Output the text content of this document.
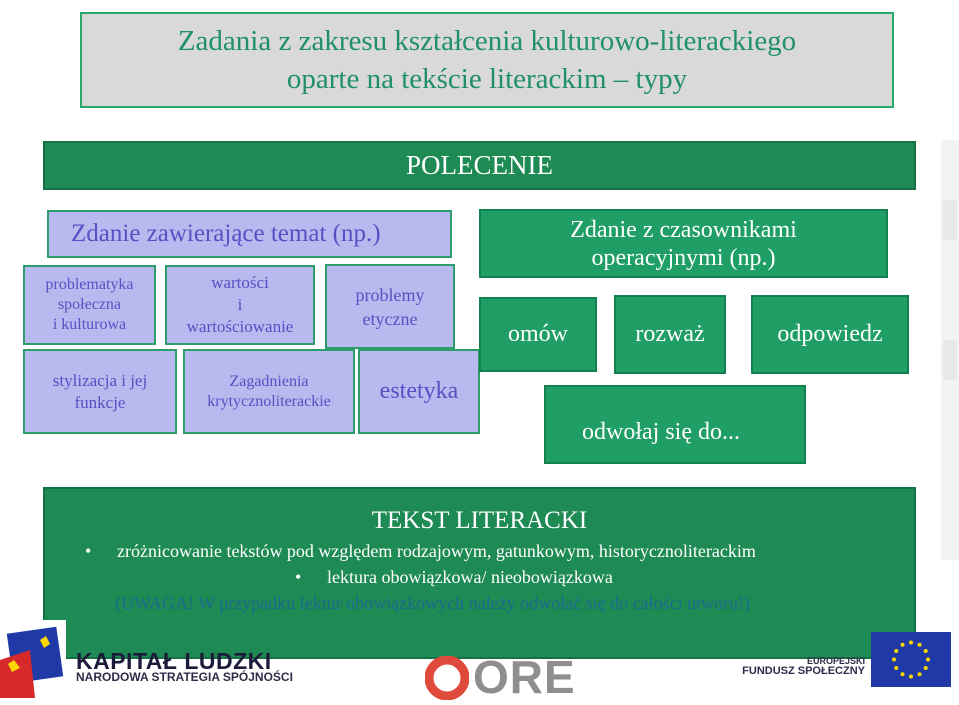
Zadania z zakresu kształcenia kulturowo-literackiego
oparte na tekście literackim – typy
POLECENIE
Zdanie zawierające temat (np.)
problematyka
społeczna
i kulturowa
wartości
i
wartościowanie
problemy
etyczne
stylizacja i jej
funkcje
Zagadnienia
krytycznoliterackie estetyka
Zdanie z czasownikami
operacyjnymi (np.)
omów	rozważ	odpowiedz
odwołaj się do...
TEKST LITERACKI
• zróżnicowanie tekstów pod względem rodzajowym, gatunkowym, historycznoliterackim
• lektura obowiązkowa/ nieobowiązkowa
(UWAGA! W przypadku lektur obowiązkowych należy odwołać się do całości utworu!)
KAPITAŁ LUDZKI
NARODOWA STRATEGIA SPÓJNOŚCI	ORE	EUROPEJSKI
FUNDUSZ SPOŁECZNY
